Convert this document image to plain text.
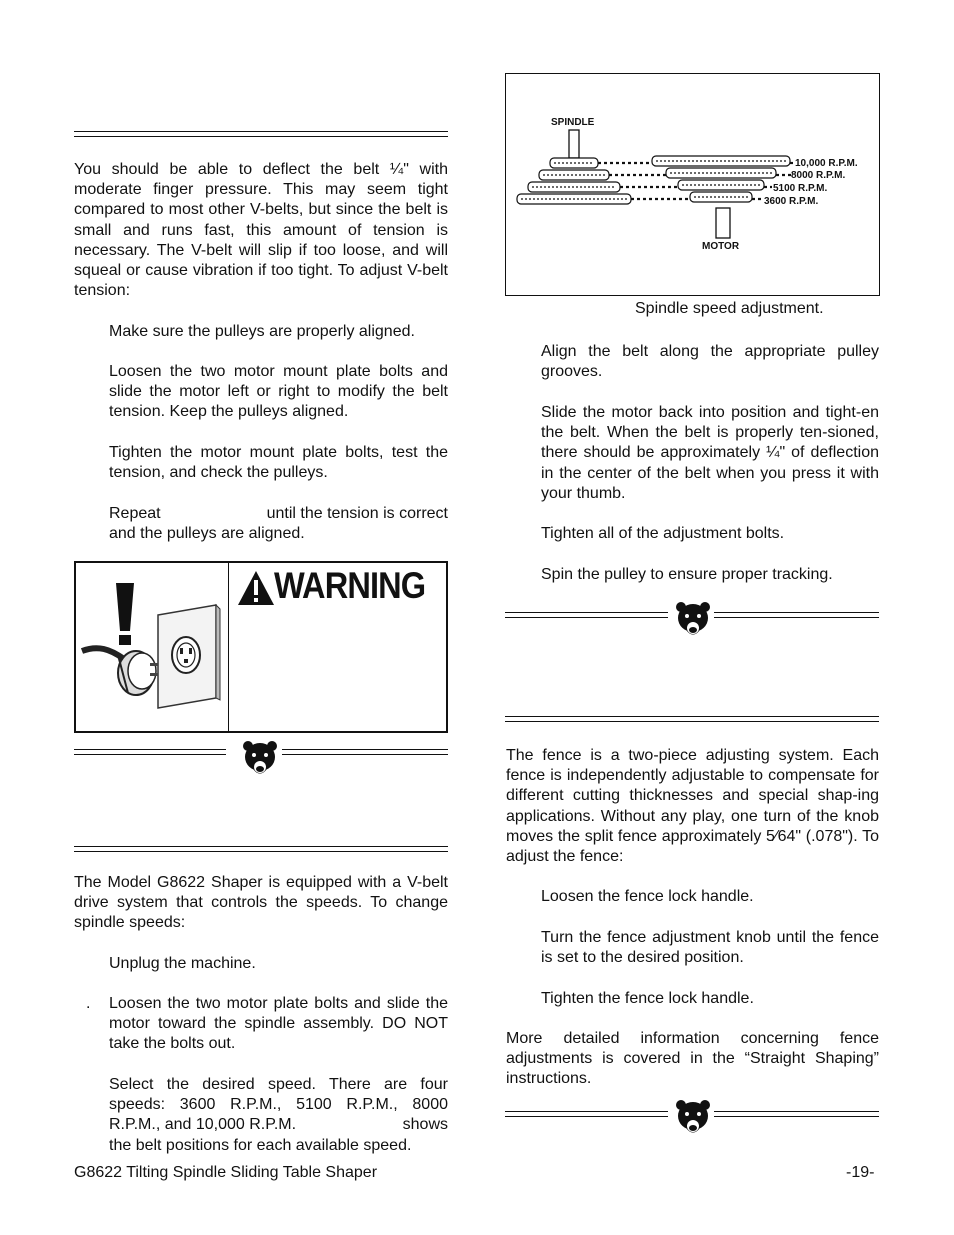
You should be able to deflect the belt ¼" with moderate finger pressure. This may seem tight compared to most other V-belts, but since the belt is small and runs fast, this amount of tension is necessary. The V-belt will slip if too loose, and will squeal or cause vibration if too tight. To adjust V-belt tension:

Make sure the pulleys are properly aligned.
Loosen the two motor mount plate bolts and slide the motor left or right to modify the belt tension. Keep the pulleys aligned.
Tighten the motor mount plate bolts, test the tension, and check the pulleys.
Repeat	until the tension is correct
and the pulleys are aligned.
WARNING

The Model G8622 Shaper is equipped with a V-belt drive system that controls the speeds. To change spindle speeds:

Unplug the machine.
. Loosen the two motor plate bolts and slide the motor toward the spindle assembly. DO NOT take the bolts out.
Select the desired speed. There are four speeds: 3600 R.P.M., 5100 R.P.M., 8000 R.P.M., and 10,000 R.P.M.	shows
the belt positions for each available speed.
G8622 Tilting Spindle Sliding Table Shaper	-19-
SPINDLE
MOTOR
10,000 R.P.M.
8000 R.P.M.
5100 R.P.M.
3600 R.P.M.
Spindle speed adjustment.
Align the belt along the appropriate pulley grooves.
Slide the motor back into position and tight-en the belt. When the belt is properly ten-sioned, there should be approximately ¼" of deflection in the center of the belt when you press it with your thumb.
Tighten all of the adjustment bolts.
Spin the pulley to ensure proper tracking.

The fence is a two-piece adjusting system. Each fence is independently adjustable to compensate for different cutting thicknesses and special shap-ing applications. Without any play, one turn of the knob moves the split fence approximately 5⁄64" (.078"). To adjust the fence:

Loosen the fence lock handle.
Turn the fence adjustment knob until the fence is set to the desired position.
Tighten the fence lock handle.

More detailed information concerning fence adjustments is covered in the “Straight Shaping” instructions.
